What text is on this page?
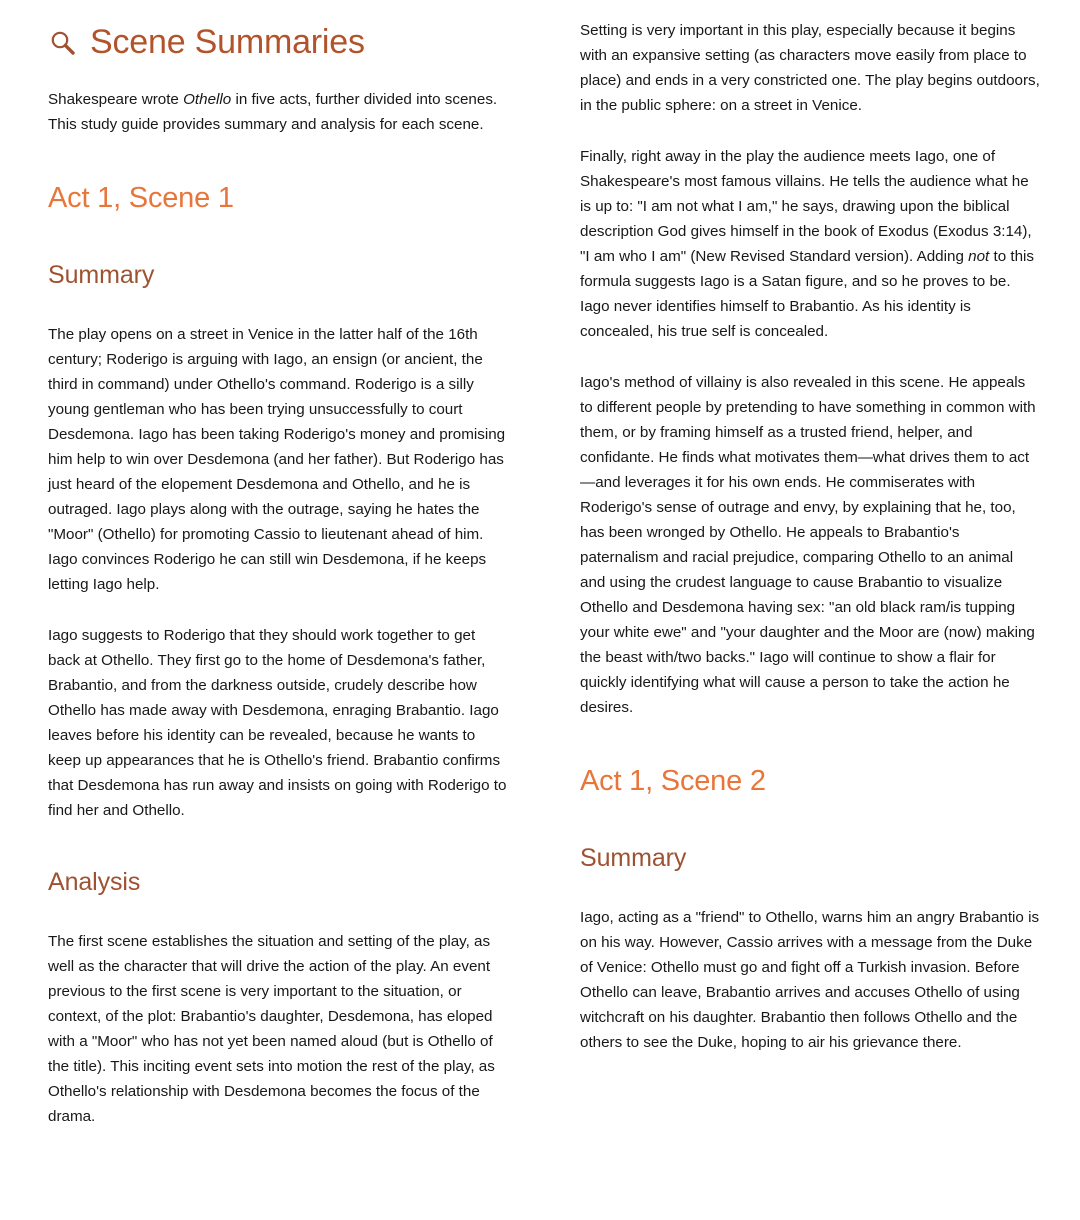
Scene Summaries

Shakespeare wrote Othello in five acts, further divided into scenes. This study guide provides summary and analysis for each scene.

Act 1, Scene 1
Summary

The play opens on a street in Venice in the latter half of the 16th century; Roderigo is arguing with Iago, an ensign (or ancient, the third in command) under Othello's command. Roderigo is a silly young gentleman who has been trying unsuccessfully to court Desdemona. Iago has been taking Roderigo's money and promising him help to win over Desdemona (and her father). But Roderigo has just heard of the elopement Desdemona and Othello, and he is outraged. Iago plays along with the outrage, saying he hates the "Moor" (Othello) for promoting Cassio to lieutenant ahead of him. Iago convinces Roderigo he can still win Desdemona, if he keeps letting Iago help.

Iago suggests to Roderigo that they should work together to get back at Othello. They first go to the home of Desdemona's father, Brabantio, and from the darkness outside, crudely describe how Othello has made away with Desdemona, enraging Brabantio. Iago leaves before his identity can be revealed, because he wants to keep up appearances that he is Othello's friend. Brabantio confirms that Desdemona has run away and insists on going with Roderigo to find her and Othello.

Analysis

The first scene establishes the situation and setting of the play, as well as the character that will drive the action of the play. An event previous to the first scene is very important to the situation, or context, of the plot: Brabantio's daughter, Desdemona, has eloped with a "Moor" who has not yet been named aloud (but is Othello of the title). This inciting event sets into motion the rest of the play, as Othello's relationship with Desdemona becomes the focus of the drama.

Setting is very important in this play, especially because it begins with an expansive setting (as characters move easily from place to place) and ends in a very constricted one. The play begins outdoors, in the public sphere: on a street in Venice.

Finally, right away in the play the audience meets Iago, one of Shakespeare's most famous villains. He tells the audience what he is up to: "I am not what I am," he says, drawing upon the biblical description God gives himself in the book of Exodus (Exodus 3:14), "I am who I am" (New Revised Standard version). Adding not to this formula suggests Iago is a Satan figure, and so he proves to be. Iago never identifies himself to Brabantio. As his identity is concealed, his true self is concealed.

Iago's method of villainy is also revealed in this scene. He appeals to different people by pretending to have something in common with them, or by framing himself as a trusted friend, helper, and confidante. He finds what motivates them—what drives them to act—and leverages it for his own ends. He commiserates with Roderigo's sense of outrage and envy, by explaining that he, too, has been wronged by Othello. He appeals to Brabantio's paternalism and racial prejudice, comparing Othello to an animal and using the crudest language to cause Brabantio to visualize Othello and Desdemona having sex: "an old black ram/is tupping your white ewe" and "your daughter and the Moor are (now) making the beast with/two backs." Iago will continue to show a flair for quickly identifying what will cause a person to take the action he desires.

Act 1, Scene 2
Summary

Iago, acting as a "friend" to Othello, warns him an angry Brabantio is on his way. However, Cassio arrives with a message from the Duke of Venice: Othello must go and fight off a Turkish invasion. Before Othello can leave, Brabantio arrives and accuses Othello of using witchcraft on his daughter. Brabantio then follows Othello and the others to see the Duke, hoping to air his grievance there.
